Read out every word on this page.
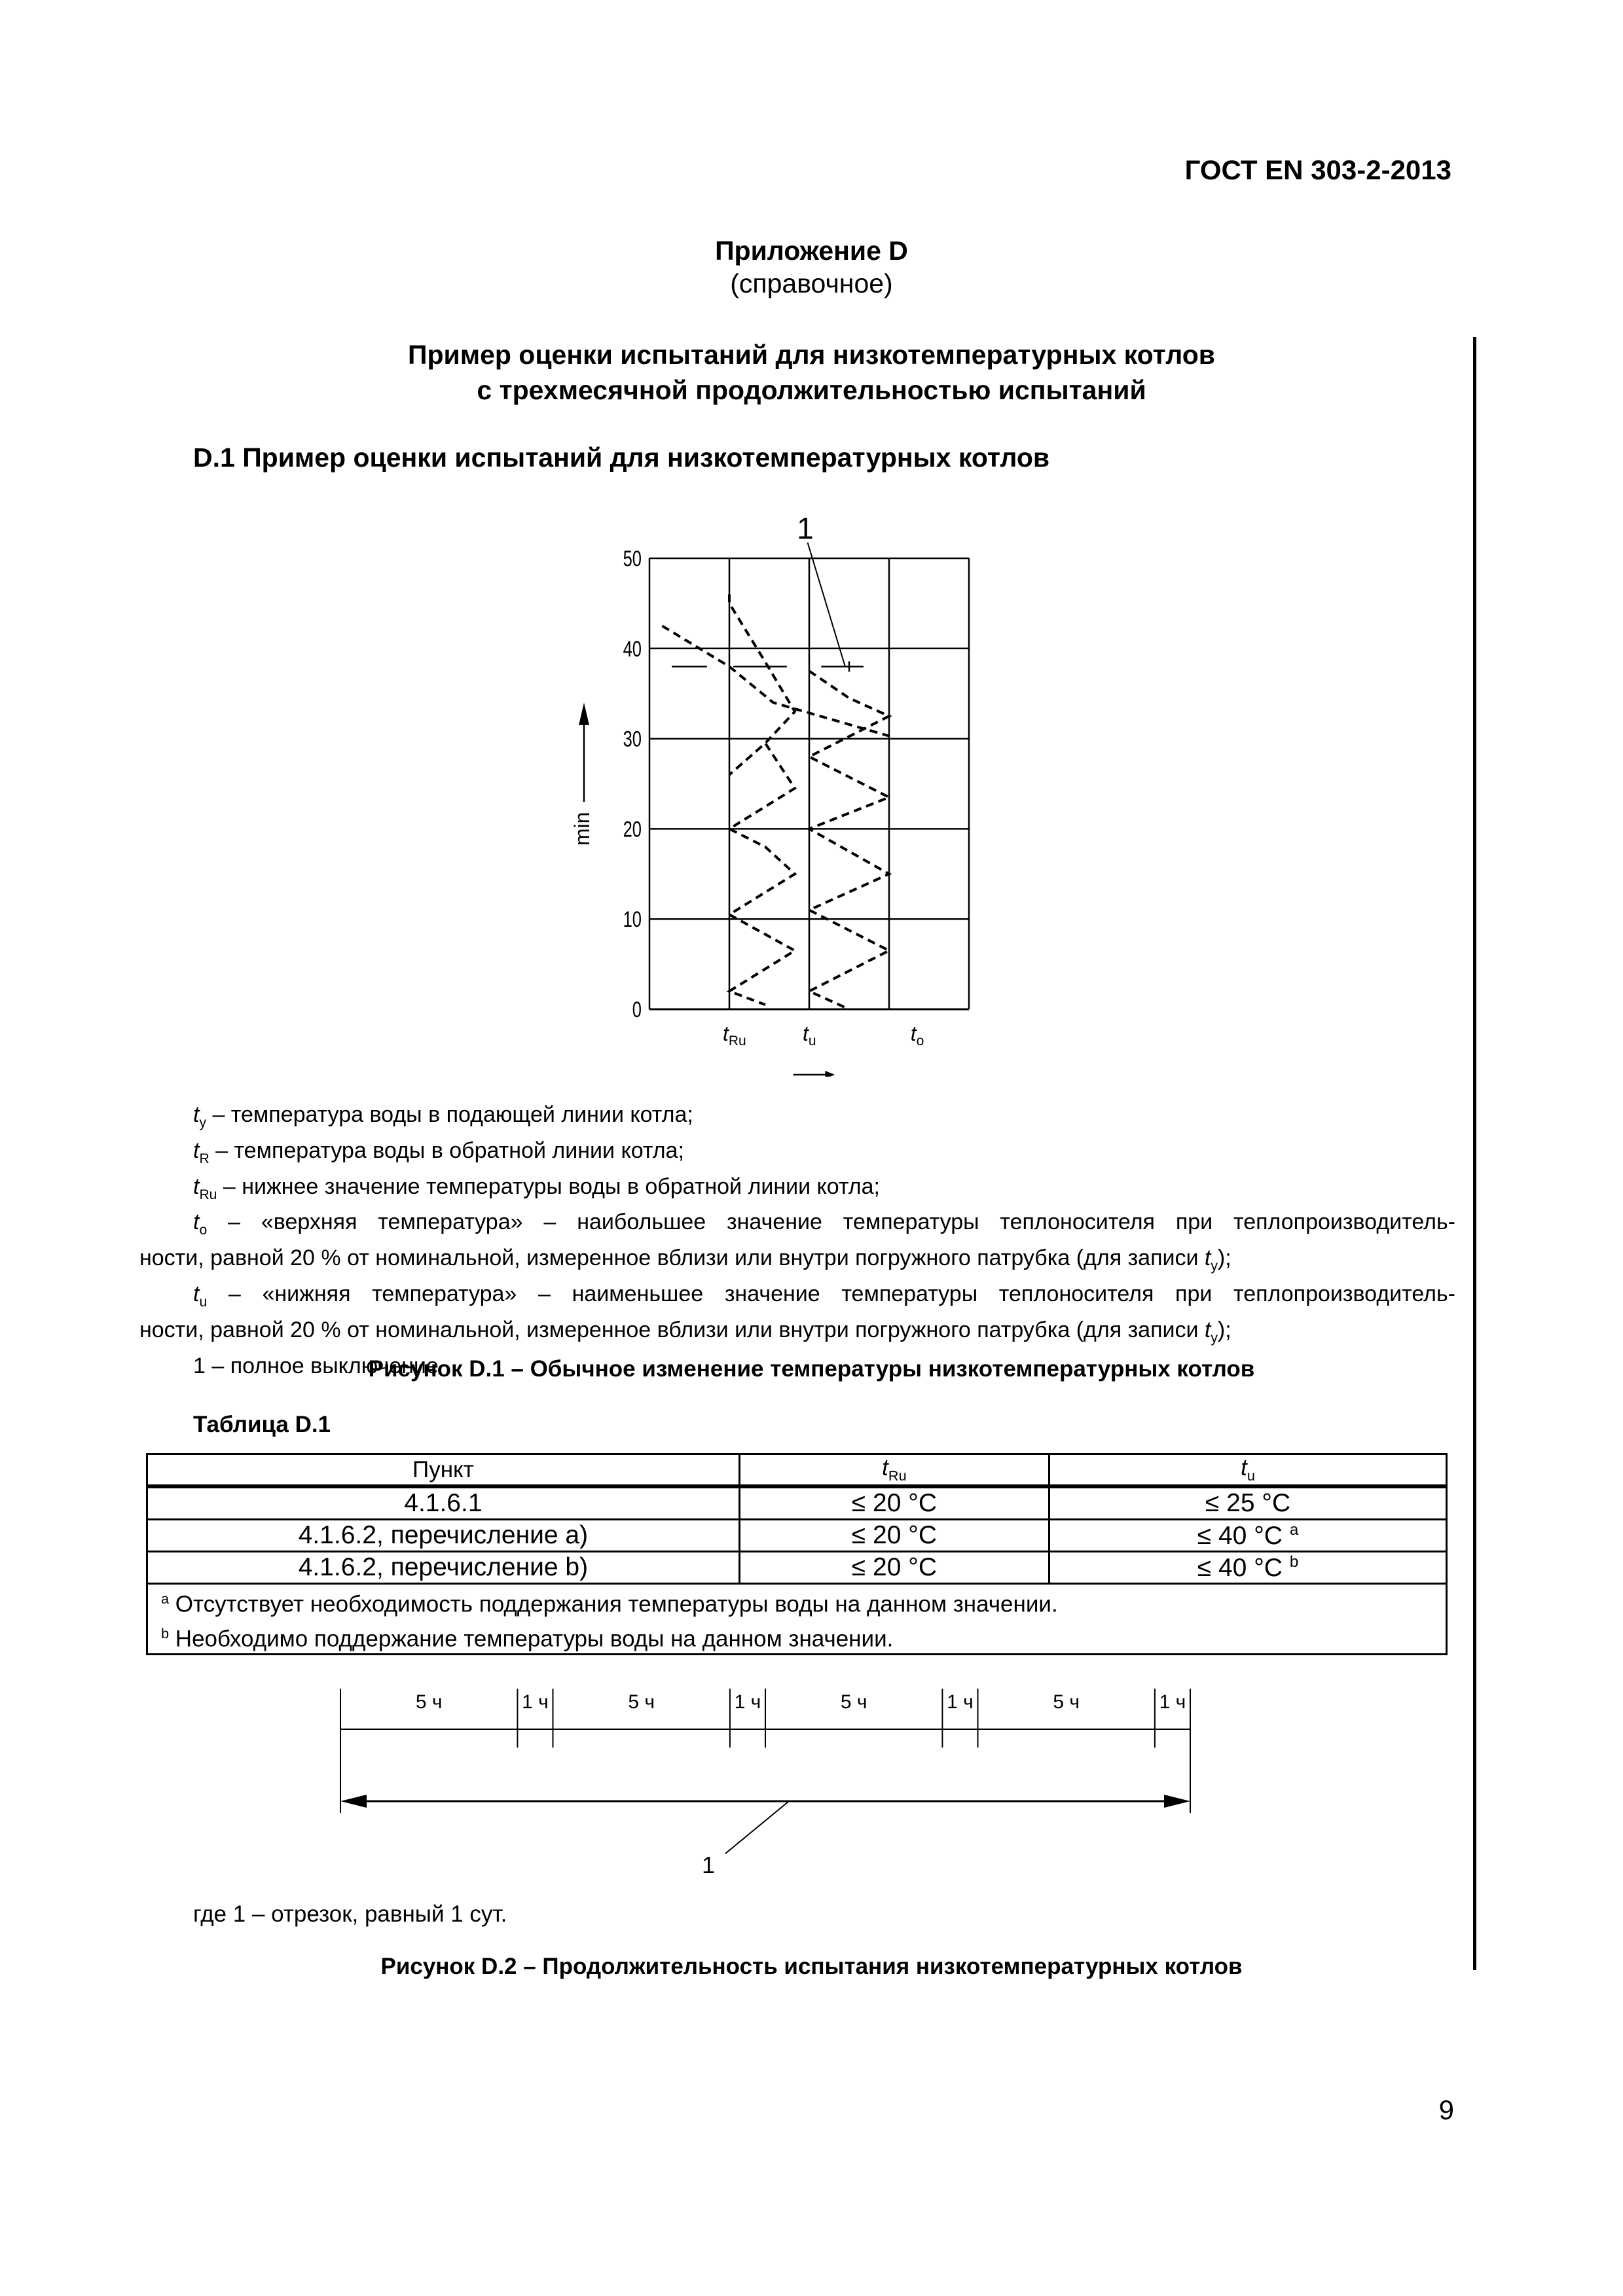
ГОСТ EN 303-2-2013
Приложение D
(справочное)
Пример оценки испытаний для низкотемпературных котлов
с трехмесячной продолжительностью испытаний
D.1 Пример оценки испытаний для низкотемпературных котлов
0
10
20
30
40
50
min
$t_{Ru}$	$t_u$	$t_o$
1
$t_y$ – температура воды в подающей линии котла;
$t_R$ – температура воды в обратной линии котла;
$t_{Ru}$ – нижнее значение температуры воды в обратной линии котла;
$t_o$ – «верхняя температура» – наибольшее значение температуры теплоносителя при теплопроизводитель-
ности, равной 20 % от номинальной, измеренное вблизи или внутри погружного патрубка (для записи $t_y$);
$t_u$ – «нижняя температура» – наименьшее значение температуры теплоносителя при теплопроизводитель-
ности, равной 20 % от номинальной, измеренное вблизи или внутри погружного патрубка (для записи $t_y$);
1 – полное выключение
Рисунок D.1 – Обычное изменение температуры низкотемпературных котлов
Таблица D.1
Пункт	$t_{Ru}$	$t_u$
4.1.6.1	≤ 20 °C	≤ 25 °C
4.1.6.2, перечисление a)	≤ 20 °C	≤ 40 °C $^a$
4.1.6.2, перечисление b)	≤ 20 °C	≤ 40 °C $^b$

$^a$ Отсутствует необходимость поддержания температуры воды на данном значении.
$^b$ Необходимо поддержание температуры воды на данном значении.		
5 ч	1 ч	5 ч	1 ч	5 ч	1 ч	5 ч	1 ч
1
где 1 – отрезок, равный 1 сут.
Рисунок D.2 – Продолжительность испытания низкотемпературных котлов
9
